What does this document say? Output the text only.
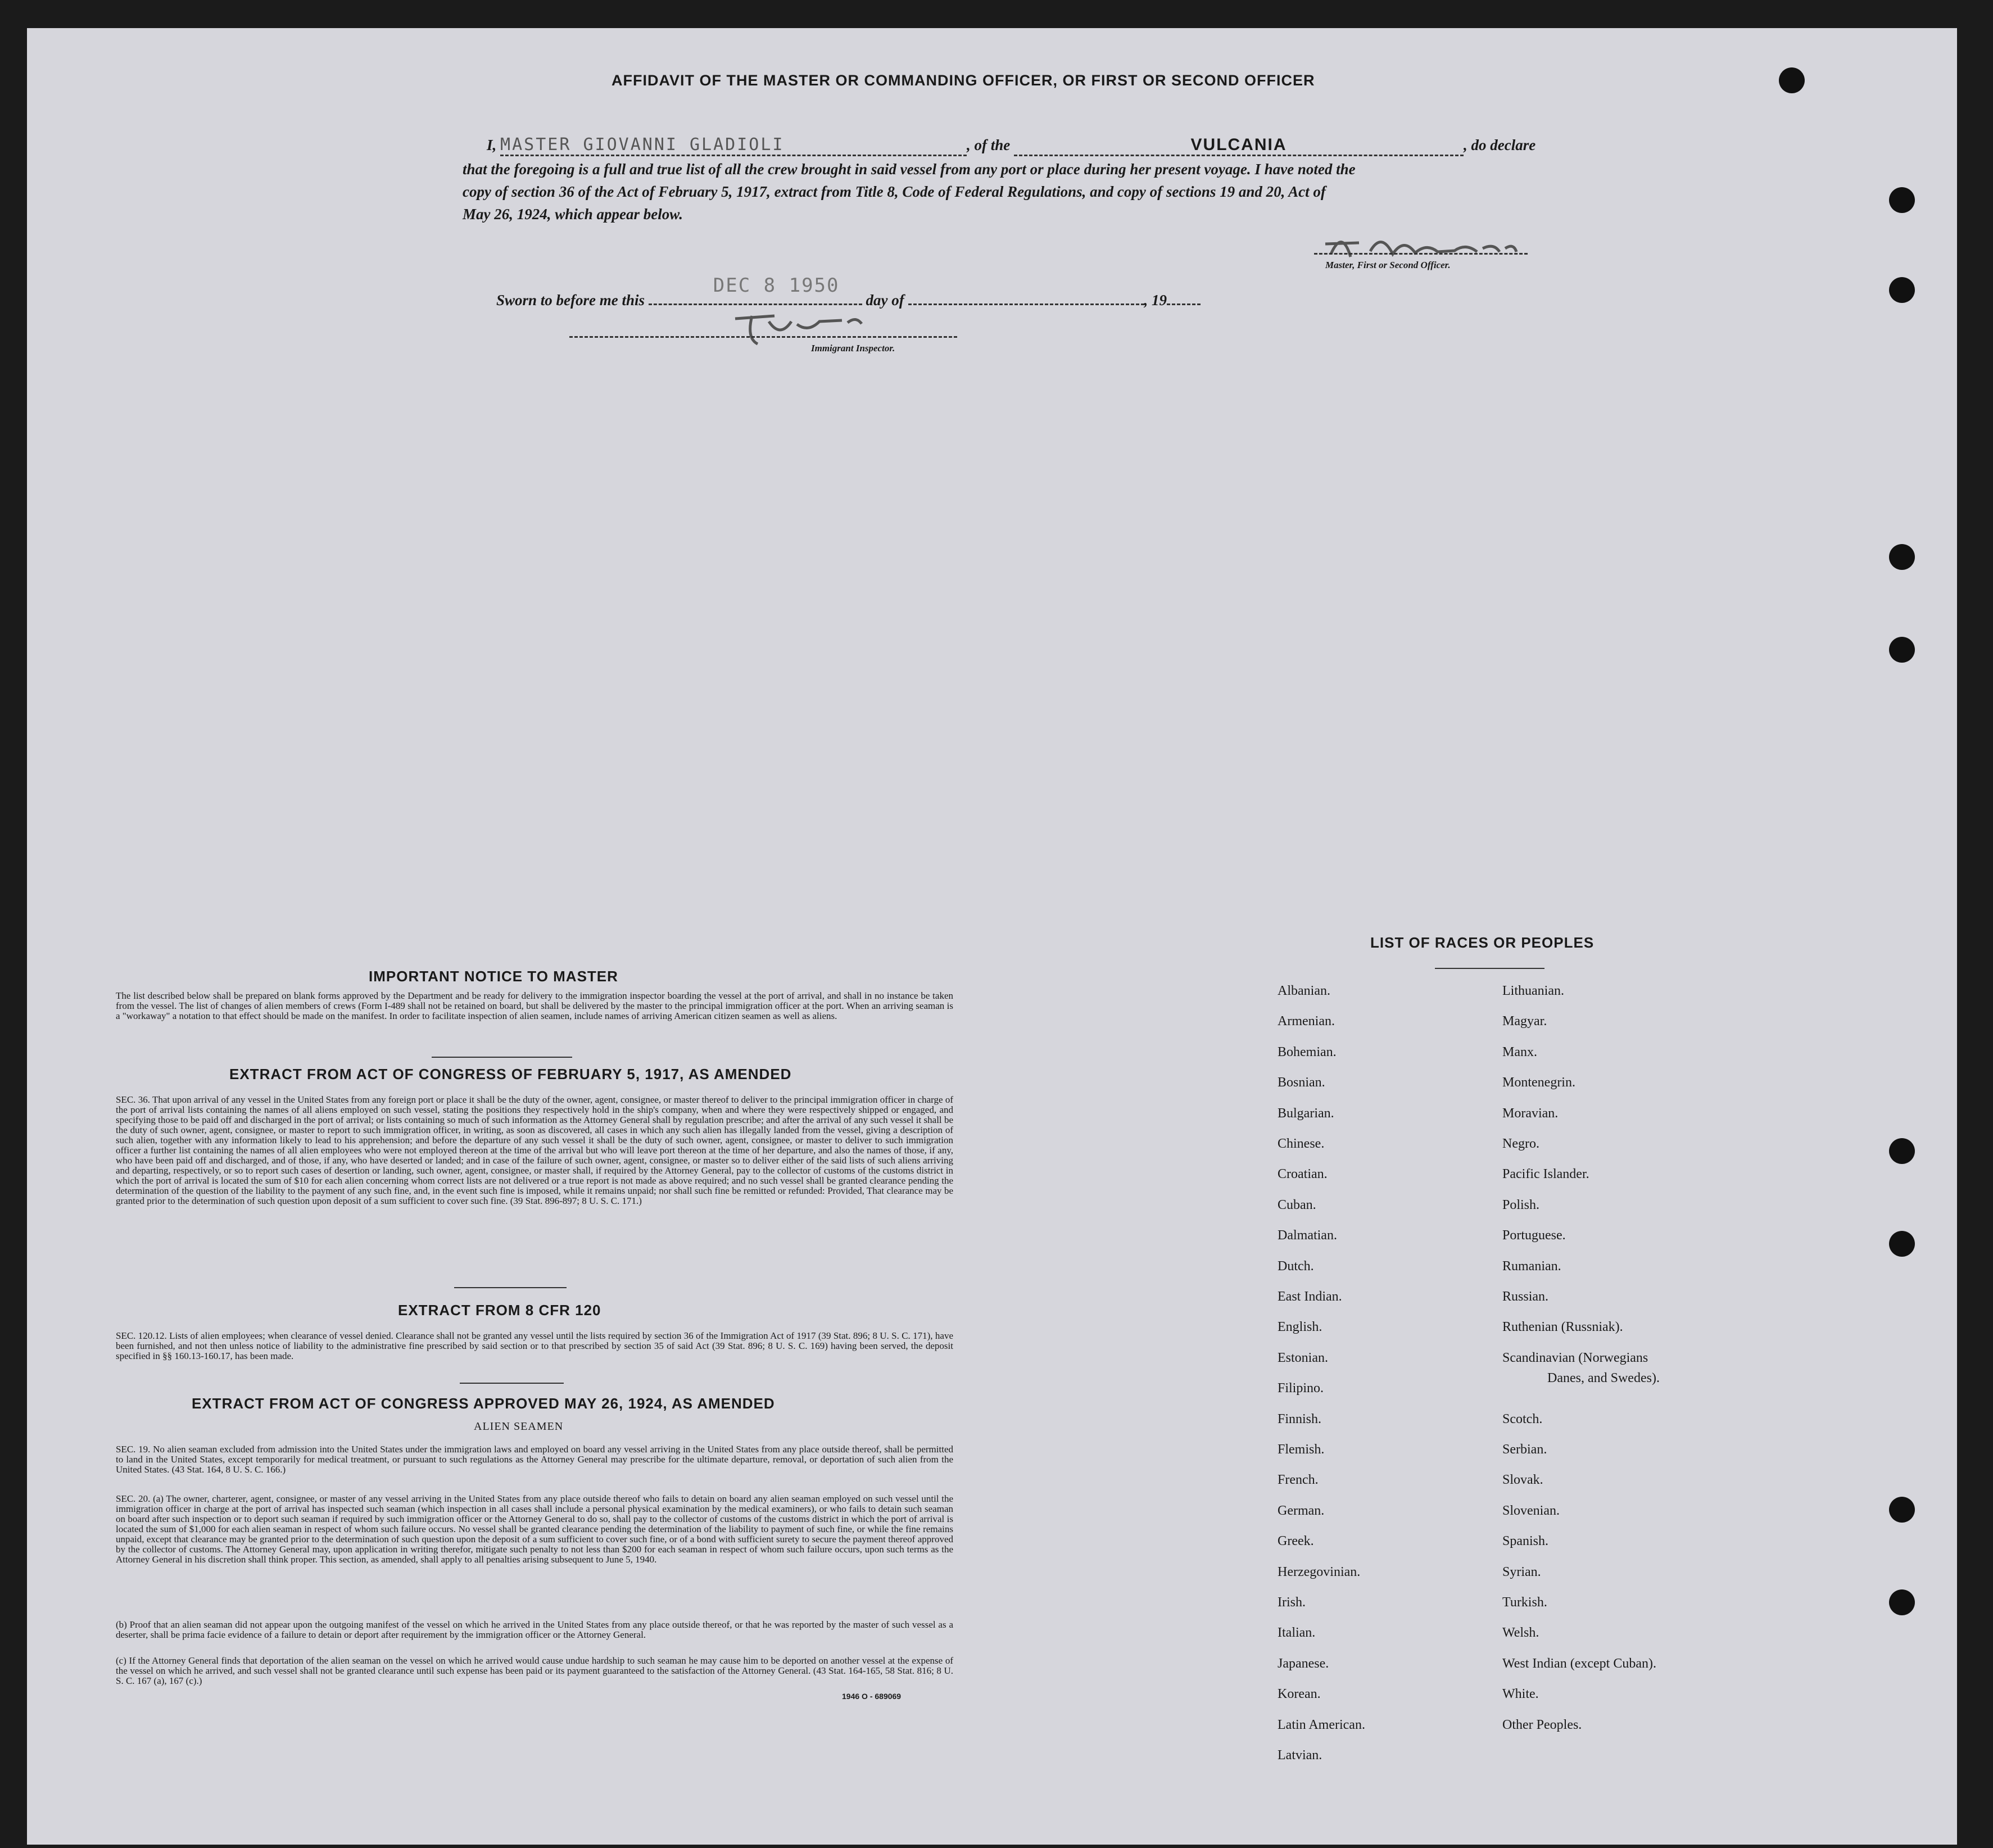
AFFIDAVIT OF THE MASTER OR COMMANDING OFFICER, OR FIRST OR SECOND OFFICER
I, MASTER GIOVANNI GLADIOLI	, of the	VULCANIA	, do declare
that the foregoing is a full and true list of all the crew brought in said vessel from any port or place during her present voyage. I have noted the
copy of section 36 of the Act of February 5, 1917, extract from Title 8, Code of Federal Regulations, and copy of sections 19 and 20, Act of
May 26, 1924, which appear below.
Master, First or Second Officer.
Sworn to before me this
DEC 8 1950
day of	, 19
Immigrant Inspector.
IMPORTANT NOTICE TO MASTER
The list described below shall be prepared on blank forms approved by the Department and be ready for delivery to the immigration inspector boarding the vessel at the port of arrival, and shall in no instance be taken from the vessel. The list of changes of alien members of crews (Form I-489 shall not be retained on board, but shall be delivered by the master to the principal immigration officer at the port. When an arriving seaman is a "workaway" a notation to that effect should be made on the manifest. In order to facilitate inspection of alien seamen, include names of arriving American citizen seamen as well as aliens.
EXTRACT FROM ACT OF CONGRESS OF FEBRUARY 5, 1917, AS AMENDED
SEC. 36. That upon arrival of any vessel in the United States from any foreign port or place it shall be the duty of the owner, agent, consignee, or master thereof to deliver to the principal immigration officer in charge of the port of arrival lists containing the names of all aliens employed on such vessel, stating the positions they respectively hold in the ship's company, when and where they were respectively shipped or engaged, and specifying those to be paid off and discharged in the port of arrival; or lists containing so much of such information as the Attorney General shall by regulation prescribe; and after the arrival of any such vessel it shall be the duty of such owner, agent, consignee, or master to report to such immigration officer, in writing, as soon as discovered, all cases in which any such alien has illegally landed from the vessel, giving a description of such alien, together with any information likely to lead to his apprehension; and before the departure of any such vessel it shall be the duty of such owner, agent, consignee, or master to deliver to such immigration officer a further list containing the names of all alien employees who were not employed thereon at the time of the arrival but who will leave port thereon at the time of her departure, and also the names of those, if any, who have been paid off and discharged, and of those, if any, who have deserted or landed; and in case of the failure of such owner, agent, consignee, or master so to deliver either of the said lists of such aliens arriving and departing, respectively, or so to report such cases of desertion or landing, such owner, agent, consignee, or master shall, if required by the Attorney General, pay to the collector of customs of the customs district in which the port of arrival is located the sum of $10 for each alien concerning whom correct lists are not delivered or a true report is not made as above required; and no such vessel shall be granted clearance pending the determination of the question of the liability to the payment of any such fine, and, in the event such fine is imposed, while it remains unpaid; nor shall such fine be remitted or refunded: Provided, That clearance may be granted prior to the determination of such question upon deposit of a sum sufficient to cover such fine. (39 Stat. 896-897; 8 U. S. C. 171.)
EXTRACT FROM 8 CFR 120
SEC. 120.12. Lists of alien employees; when clearance of vessel denied. Clearance shall not be granted any vessel until the lists required by section 36 of the Immigration Act of 1917 (39 Stat. 896; 8 U. S. C. 171), have been furnished, and not then unless notice of liability to the administrative fine prescribed by said section or to that prescribed by section 35 of said Act (39 Stat. 896; 8 U. S. C. 169) having been served, the deposit specified in §§ 160.13-160.17, has been made.
EXTRACT FROM ACT OF CONGRESS APPROVED MAY 26, 1924, AS AMENDED
ALIEN SEAMEN
SEC. 19. No alien seaman excluded from admission into the United States under the immigration laws and employed on board any vessel arriving in the United States from any place outside thereof, shall be permitted to land in the United States, except temporarily for medical treatment, or pursuant to such regulations as the Attorney General may prescribe for the ultimate departure, removal, or deportation of such alien from the United States. (43 Stat. 164, 8 U. S. C. 166.)
SEC. 20. (a) The owner, charterer, agent, consignee, or master of any vessel arriving in the United States from any place outside thereof who fails to detain on board any alien seaman employed on such vessel until the immigration officer in charge at the port of arrival has inspected such seaman (which inspection in all cases shall include a personal physical examination by the medical examiners), or who fails to detain such seaman on board after such inspection or to deport such seaman if required by such immigration officer or the Attorney General to do so, shall pay to the collector of customs of the customs district in which the port of arrival is located the sum of $1,000 for each alien seaman in respect of whom such failure occurs. No vessel shall be granted clearance pending the determination of the liability to payment of such fine, or while the fine remains unpaid, except that clearance may be granted prior to the determination of such question upon the deposit of a sum sufficient to cover such fine, or of a bond with sufficient surety to secure the payment thereof approved by the collector of customs. The Attorney General may, upon application in writing therefor, mitigate such penalty to not less than $200 for each seaman in respect of whom such failure occurs, upon such terms as the Attorney General in his discretion shall think proper. This section, as amended, shall apply to all penalties arising subsequent to June 5, 1940.
(b) Proof that an alien seaman did not appear upon the outgoing manifest of the vessel on which he arrived in the United States from any place outside thereof, or that he was reported by the master of such vessel as a deserter, shall be prima facie evidence of a failure to detain or deport after requirement by the immigration officer or the Attorney General.
(c) If the Attorney General finds that deportation of the alien seaman on the vessel on which he arrived would cause undue hardship to such seaman he may cause him to be deported on another vessel at the expense of the vessel on which he arrived, and such vessel shall not be granted clearance until such expense has been paid or its payment guaranteed to the satisfaction of the Attorney General. (43 Stat. 164-165, 58 Stat. 816; 8 U. S. C. 167 (a), 167 (c).)
1946 O - 689069
LIST OF RACES OR PEOPLES
Albanian.
Armenian.
Bohemian.
Bosnian.
Bulgarian.
Chinese.
Croatian.
Cuban.
Dalmatian.
Dutch.
East Indian.
English.
Estonian.
Filipino.
Finnish.
Flemish.
French.
German.
Greek.
Herzegovinian.
Irish.
Italian.
Japanese.
Korean.
Latin American.
Latvian.
Lithuanian.
Magyar.
Manx.
Montenegrin.
Moravian.
Negro.
Pacific Islander.
Polish.
Portuguese.
Rumanian.
Russian.
Ruthenian (Russniak).
Scandinavian (Norwegians
Scotch.
Serbian.
Slovak.
Slovenian.
Spanish.
Syrian.
Turkish.
Welsh.
West Indian (except Cuban).
White.
Other Peoples.
Danes, and Swedes).
